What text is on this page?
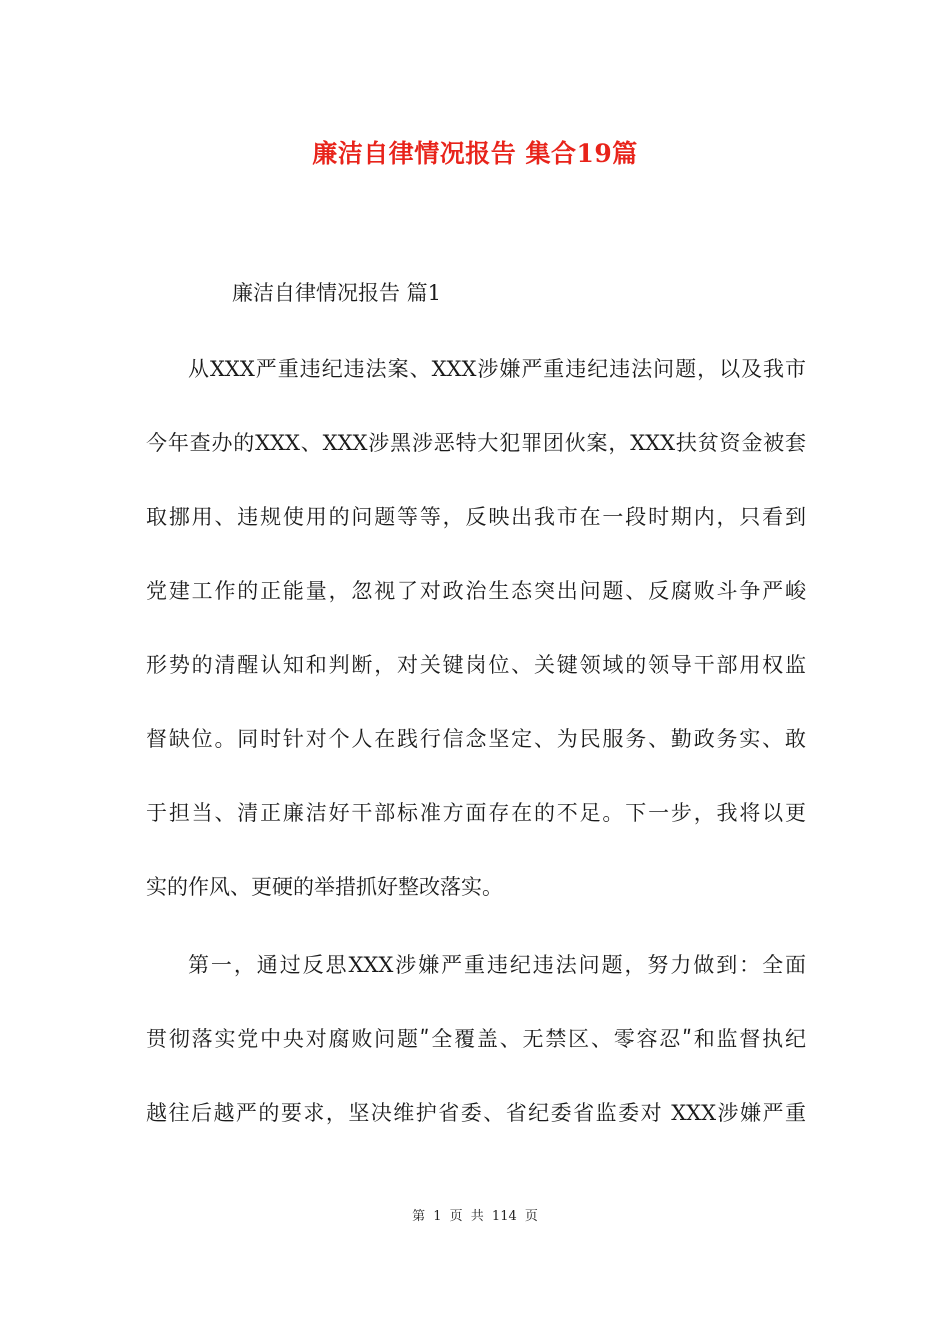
廉洁自律情况报告 集合19篇
廉洁自律情况报告 篇1
从XXX严重违纪违法案、XXX涉嫌严重违纪违法问题，以及我市
今年查办的XXX、XXX涉黑涉恶特大犯罪团伙案，XXX扶贫资金被套
取挪用、违规使用的问题等等，反映出我市在一段时期内，只看到
党建工作的正能量，忽视了对政治生态突出问题、反腐败斗争严峻
形势的清醒认知和判断，对关键岗位、关键领域的领导干部用权监
督缺位。同时针对个人在践行信念坚定、为民服务、勤政务实、敢
于担当、清正廉洁好干部标准方面存在的不足。下一步，我将以更
实的作风、更硬的举措抓好整改落实。
第一，通过反思XXX涉嫌严重违纪违法问题，努力做到：全面
贯彻落实党中央对腐败问题ʺ全覆盖、无禁区、零容忍ʺ和监督执纪
越往后越严的要求，坚决维护省委、省纪委省监委对 XXX涉嫌严重
第 1 页 共 114 页
